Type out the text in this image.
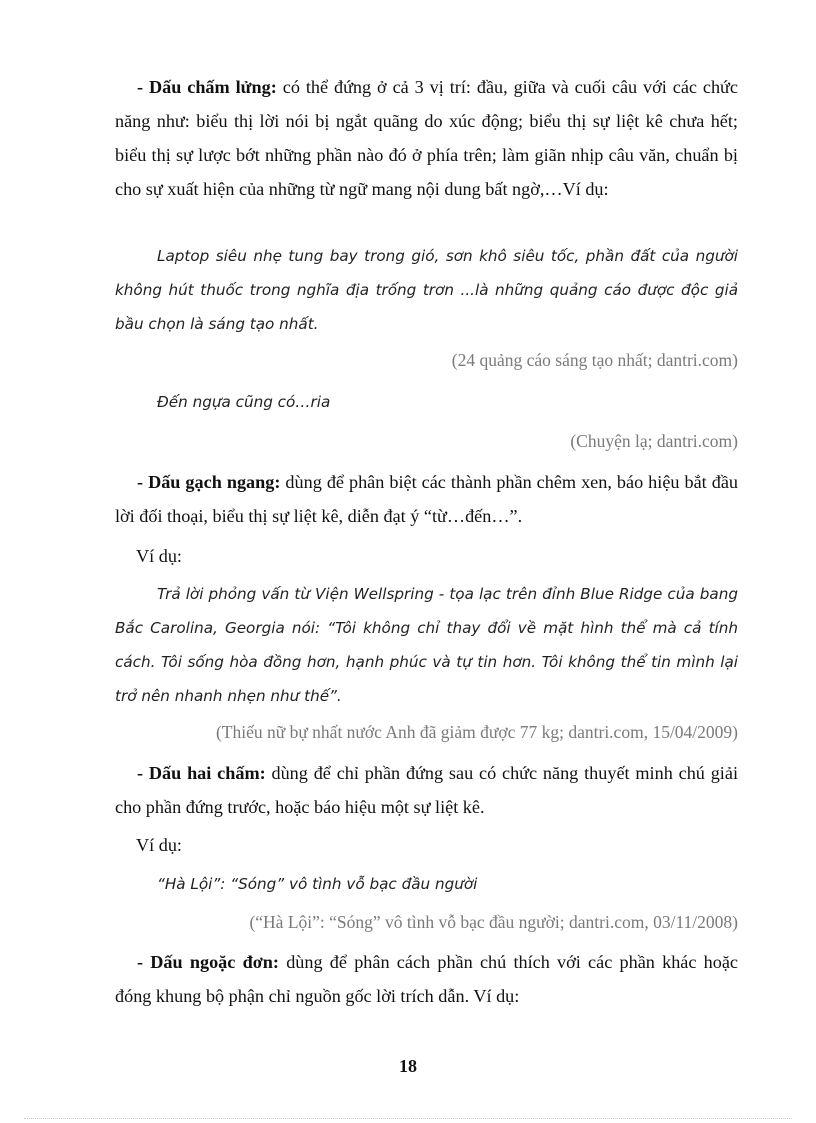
- Dấu chấm lửng: có thể đứng ở cả 3 vị trí: đầu, giữa và cuối câu với các chức năng như: biểu thị lời nói bị ngắt quãng do xúc động; biểu thị sự liệt kê chưa hết; biểu thị sự lược bớt những phần nào đó ở phía trên; làm giãn nhịp câu văn, chuẩn bị cho sự xuất hiện của những từ ngữ mang nội dung bất ngờ,…Ví dụ:

Laptop siêu nhẹ tung bay trong gió, sơn khô siêu tốc, phần đất của người không hút thuốc trong nghĩa địa trống trơn ...là những quảng cáo được độc giả bầu chọn là sáng tạo nhất.

(24 quảng cáo sáng tạo nhất; dantri.com)

Đến ngựa cũng có…ria

(Chuyện lạ; dantri.com)

- Dấu gạch ngang: dùng để phân biệt các thành phần chêm xen, báo hiệu bắt đầu lời đối thoại, biểu thị sự liệt kê, diễn đạt ý “từ…đến…”.

Ví dụ:

Trả lời phỏng vấn từ Viện Wellspring - tọa lạc trên đỉnh Blue Ridge của bang Bắc Carolina, Georgia nói: “Tôi không chỉ thay đổi về mặt hình thể mà cả tính cách. Tôi sống hòa đồng hơn, hạnh phúc và tự tin hơn. Tôi không thể tin mình lại trở nên nhanh nhẹn như thế”.

(Thiếu nữ bự nhất nước Anh đã giảm được 77 kg; dantri.com, 15/04/2009)

- Dấu hai chấm: dùng để chỉ phần đứng sau có chức năng thuyết minh chú giải cho phần đứng trước, hoặc báo hiệu một sự liệt kê.

Ví dụ:

“Hà Lội”: “Sóng” vô tình vỗ bạc đầu người

(“Hà Lội”: “Sóng” vô tình vỗ bạc đầu người; dantri.com, 03/11/2008)

- Dấu ngoặc đơn: dùng để phân cách phần chú thích với các phần khác hoặc đóng khung bộ phận chỉ nguồn gốc lời trích dẫn. Ví dụ:

18
